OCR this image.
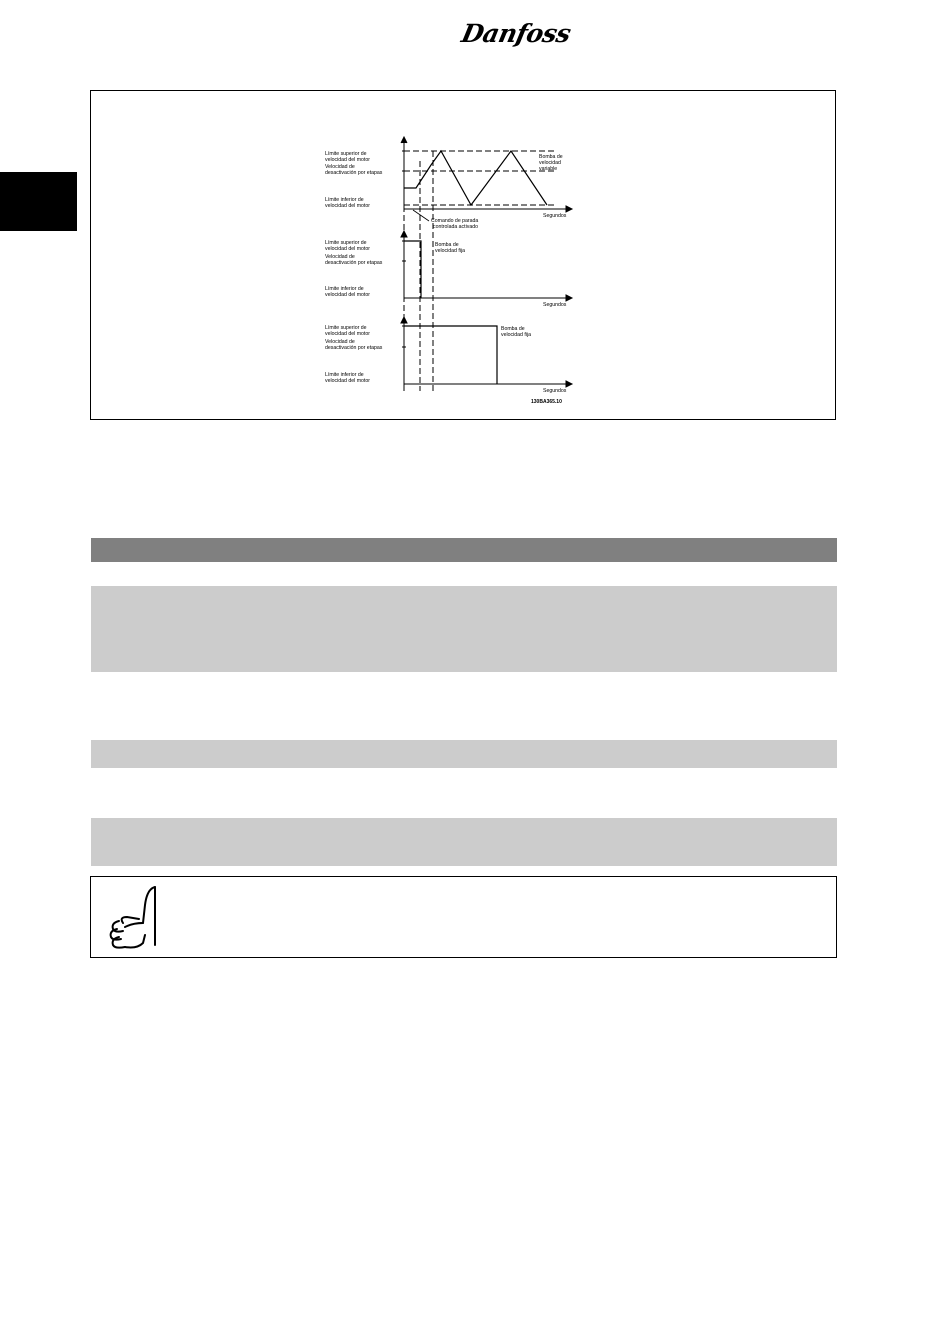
Danfoss
Límite superior de
velocidad del motor
Velocidad de
desactivación por etapas
Límite inferior de
velocidad del motor
Bomba de
velocidad
variable
Comando de parada
controlada activado
Segundos
Límite superior de
velocidad del motor
Velocidad de
desactivación por etapas
Límite inferior de
velocidad del motor
Bomba de
velocidad fija
Segundos
Límite superior de
velocidad del motor
Velocidad de
desactivación por etapas
Límite inferior de
velocidad del motor
Bomba de
velocidad fija
Segundos
130BA365.10
